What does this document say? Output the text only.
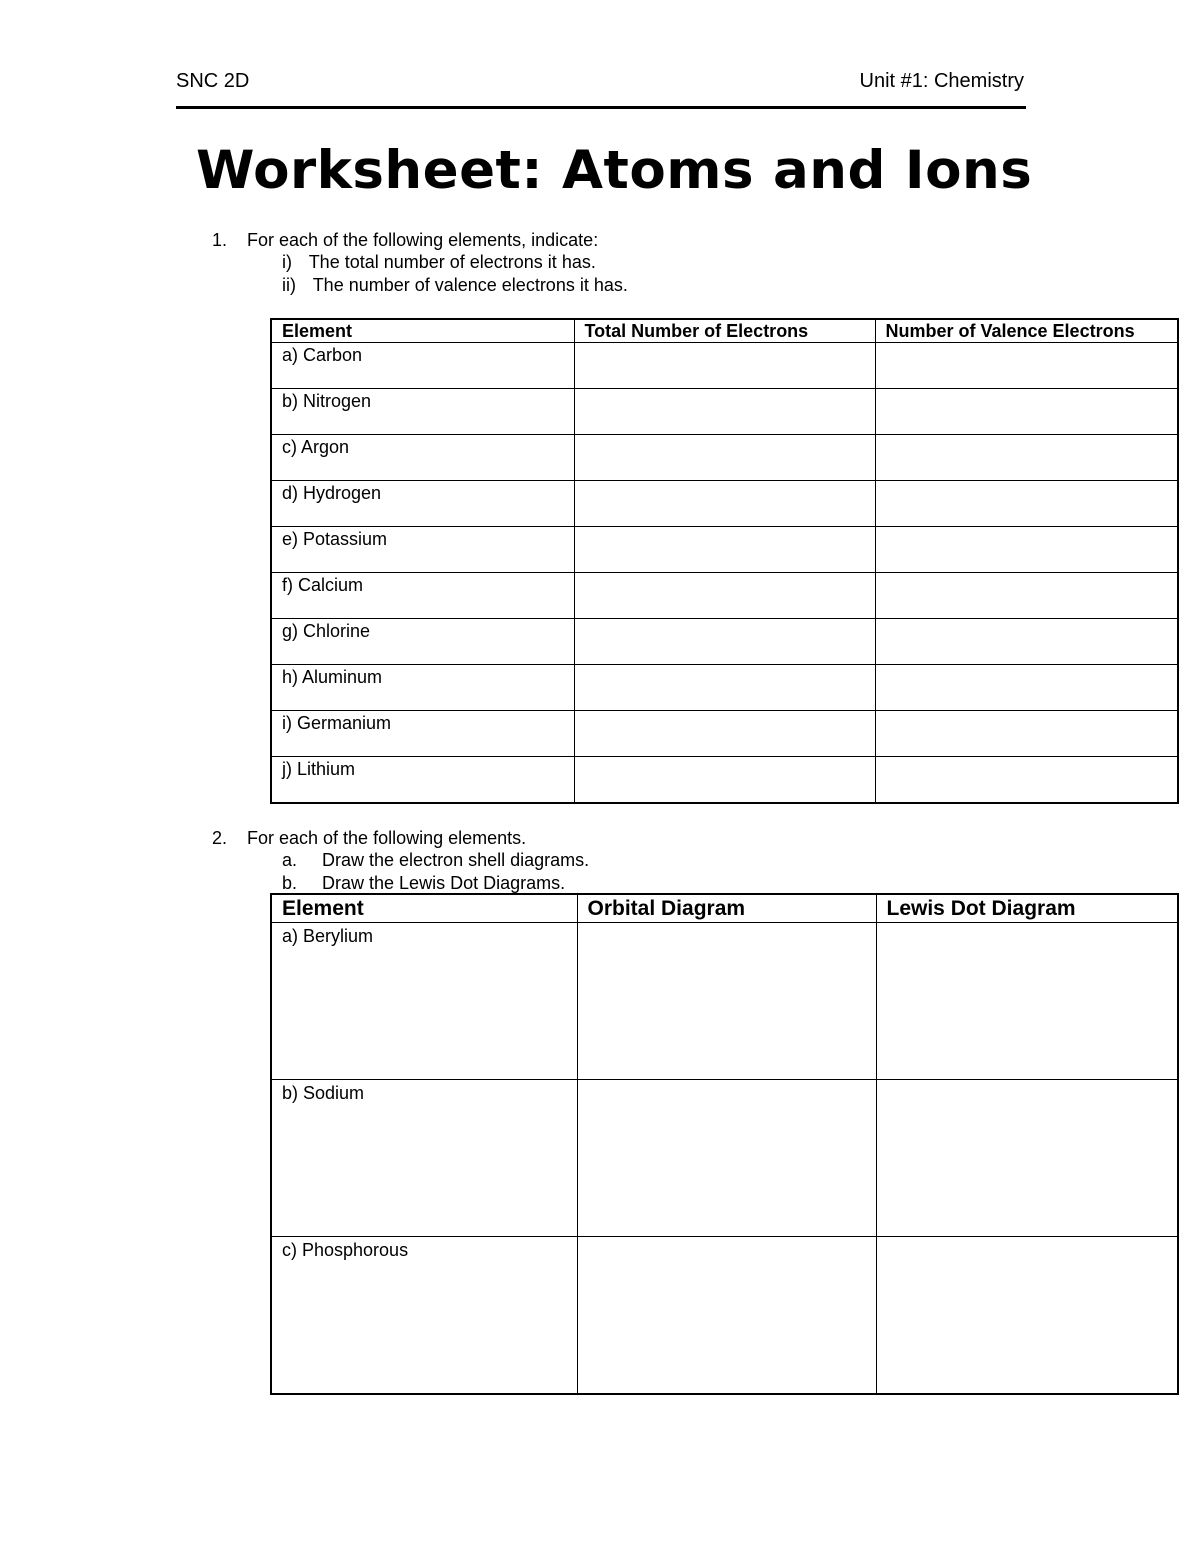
SNC 2D	Unit #1: Chemistry
Worksheet: Atoms and Ions
1. For each of the following elements, indicate:
i) The total number of electrons it has.
ii) The number of valence electrons it has.
Element	Total Number of Electrons	Number of Valence Electrons
a) Carbon		
b) Nitrogen		
c) Argon		
d) Hydrogen		
e) Potassium		
f) Calcium		
g) Chlorine		
h) Aluminum		
i) Germanium		
j) Lithium		
2. For each of the following elements.
a. Draw the electron shell diagrams.
b. Draw the Lewis Dot Diagrams.
Element	Orbital Diagram	Lewis Dot Diagram
a) Berylium		
b) Sodium		
c) Phosphorous		
